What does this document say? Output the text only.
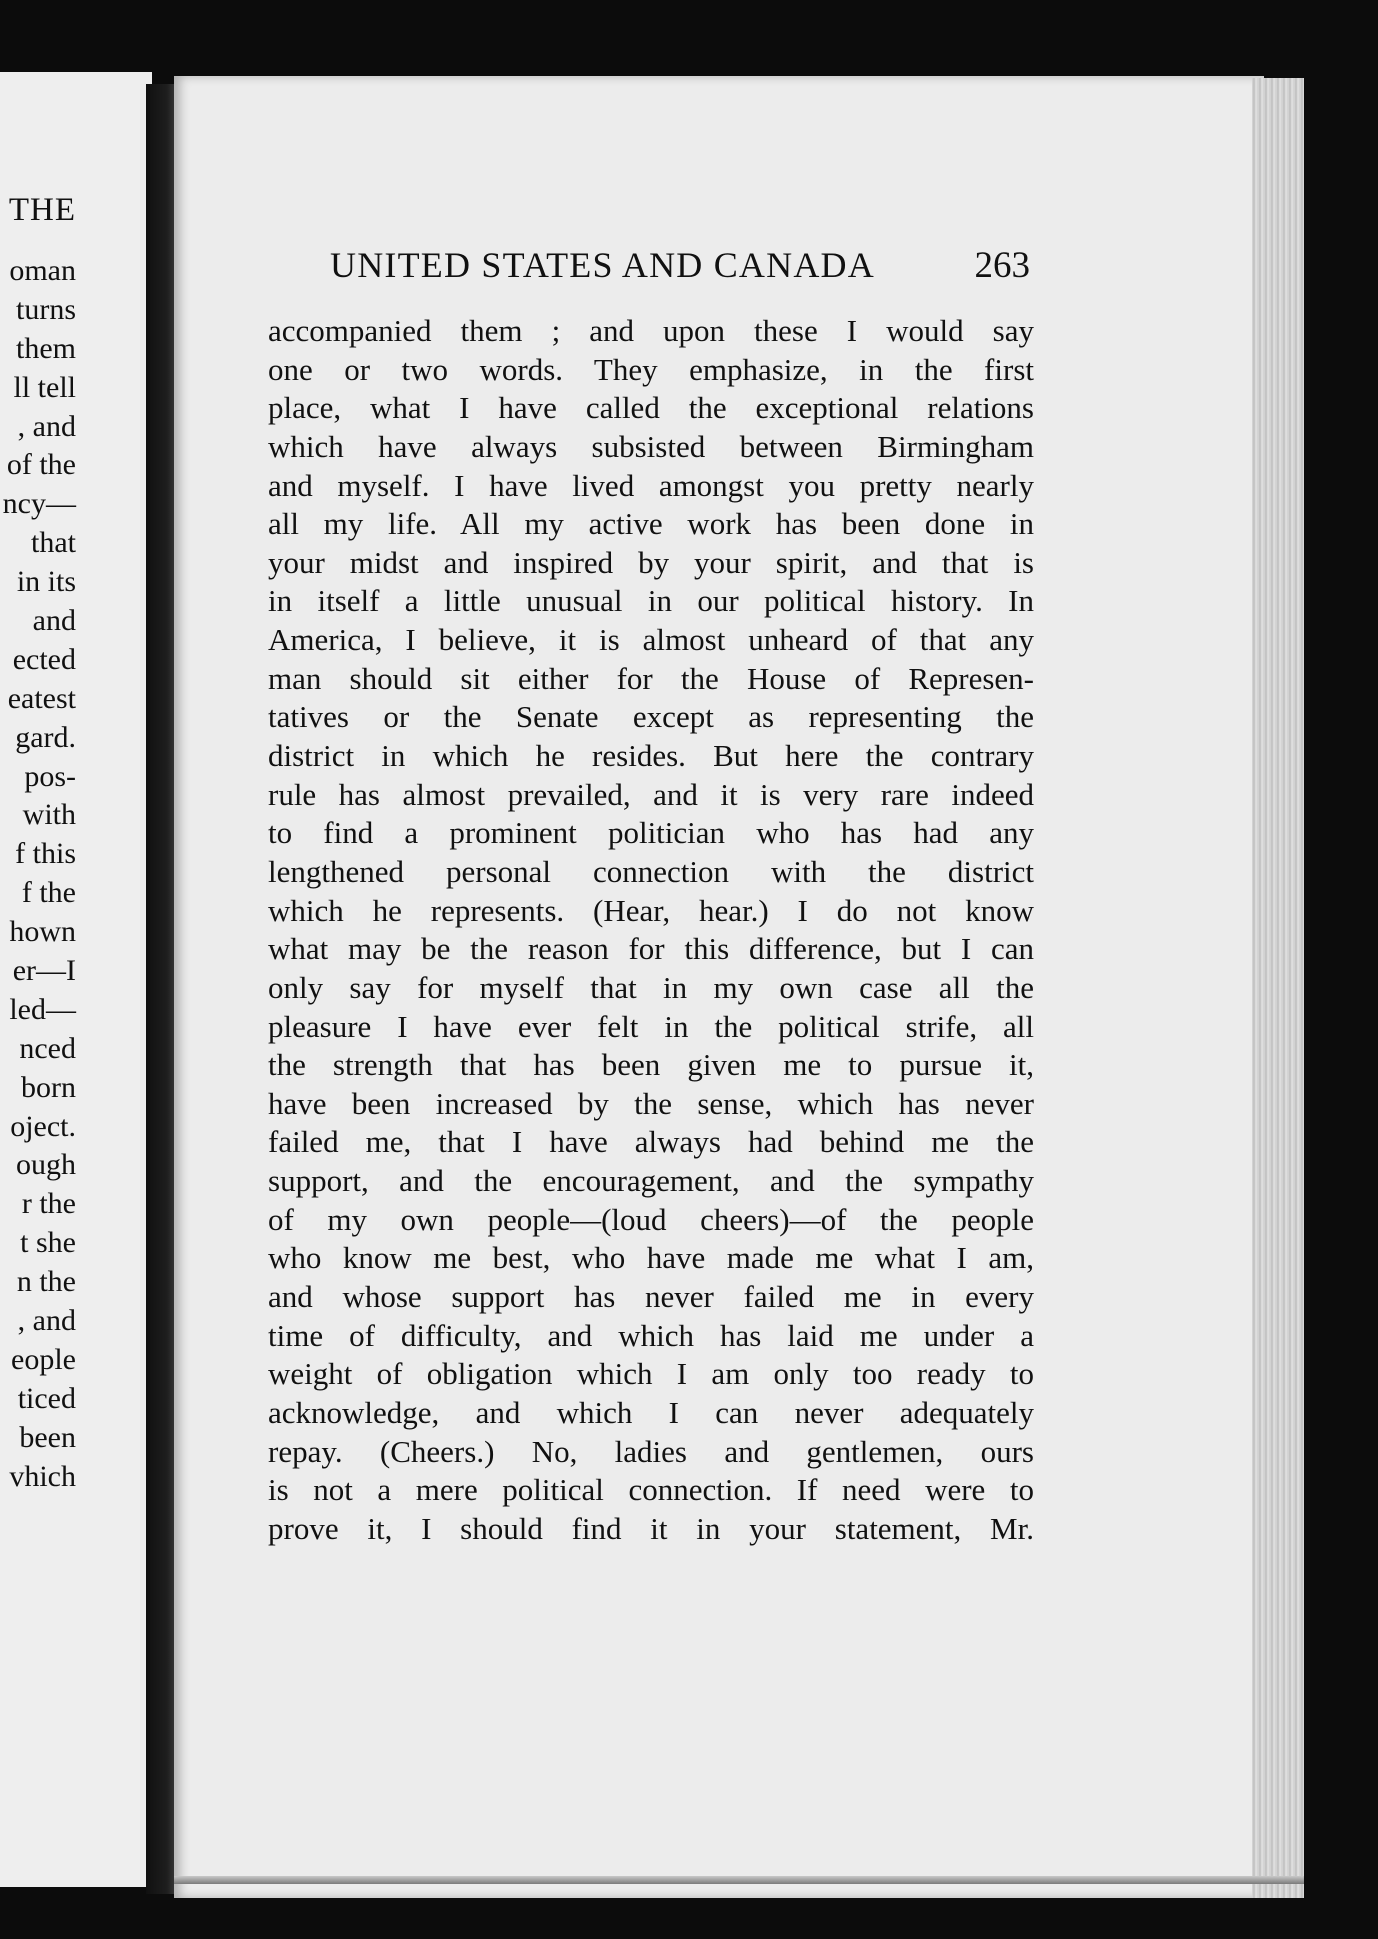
THE
oman
turns
them
ll tell
, and
of the
ncy—
that
in its
and
ected
eatest
gard.
pos-
with
f this
f the
hown
er—I
led—
nced
born
oject.
ough
r the
t she
n the
, and
eople
ticed
been
vhich
UNITED STATES AND CANADA	263
accompanied them ; and upon these I would say
one or two words. They emphasize, in the first
place, what I have called the exceptional relations
which have always subsisted between Birmingham
and myself. I have lived amongst you pretty nearly
all my life. All my active work has been done in
your midst and inspired by your spirit, and that is
in itself a little unusual in our political history. In
America, I believe, it is almost unheard of that any
man should sit either for the House of Represen-
tatives or the Senate except as representing the
district in which he resides. But here the contrary
rule has almost prevailed, and it is very rare indeed
to find a prominent politician who has had any
lengthened personal connection with the district
which he represents. (Hear, hear.) I do not know
what may be the reason for this difference, but I can
only say for myself that in my own case all the
pleasure I have ever felt in the political strife, all
the strength that has been given me to pursue it,
have been increased by the sense, which has never
failed me, that I have always had behind me the
support, and the encouragement, and the sympathy
of my own people—(loud cheers)—of the people
who know me best, who have made me what I am,
and whose support has never failed me in every
time of difficulty, and which has laid me under a
weight of obligation which I am only too ready to
acknowledge, and which I can never adequately
repay. (Cheers.) No, ladies and gentlemen, ours
is not a mere political connection. If need were to
prove it, I should find it in your statement, Mr.
